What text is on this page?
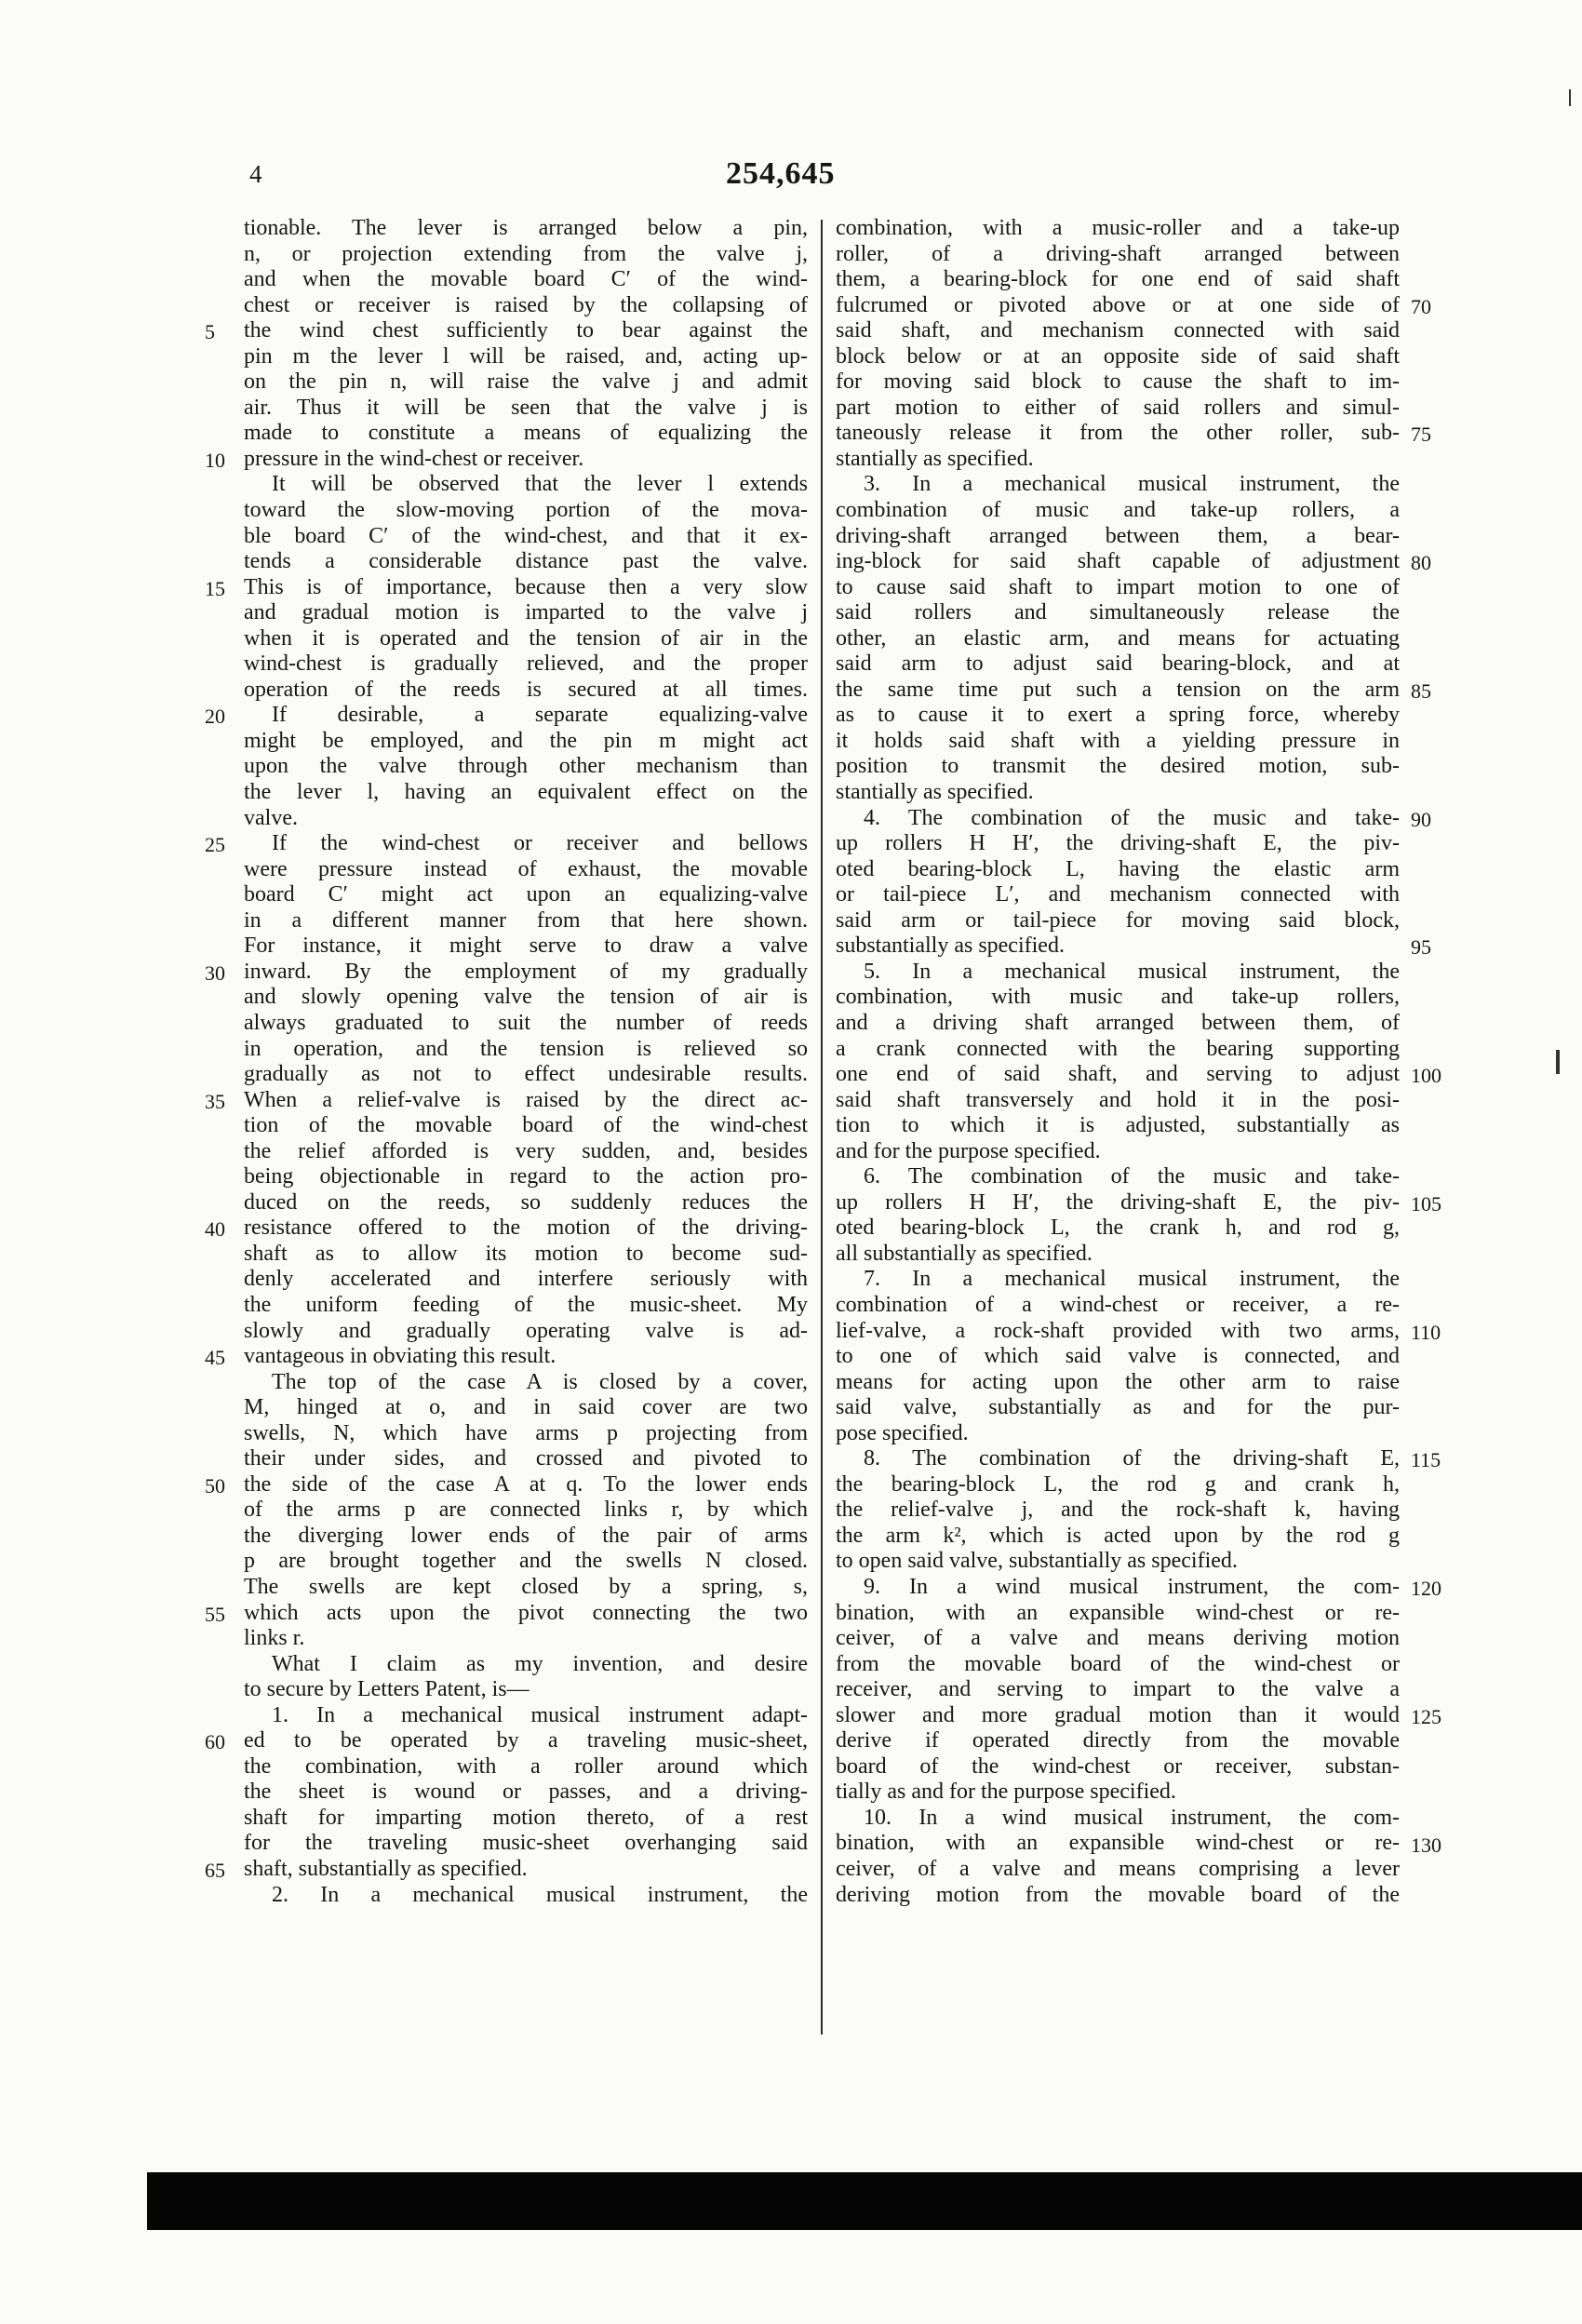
4	254,645
tionable. The lever is arranged below a pin,
n, or projection extending from the valve j,
and when the movable board C′ of the wind-
chest or receiver is raised by the collapsing of
the wind chest sufficiently to bear against the
pin m the lever l will be raised, and, acting up-
on the pin n, will raise the valve j and admit
air. Thus it will be seen that the valve j is
made to constitute a means of equalizing the
pressure in the wind-chest or receiver.
It will be observed that the lever l extends
toward the slow-moving portion of the mova-
ble board C′ of the wind-chest, and that it ex-
tends a considerable distance past the valve.
This is of importance, because then a very slow
and gradual motion is imparted to the valve j
when it is operated and the tension of air in the
wind-chest is gradually relieved, and the proper
operation of the reeds is secured at all times.
If desirable, a separate equalizing-valve
might be employed, and the pin m might act
upon the valve through other mechanism than
the lever l, having an equivalent effect on the
valve.
If the wind-chest or receiver and bellows
were pressure instead of exhaust, the movable
board C′ might act upon an equalizing-valve
in a different manner from that here shown.
For instance, it might serve to draw a valve
inward. By the employment of my gradually
and slowly opening valve the tension of air is
always graduated to suit the number of reeds
in operation, and the tension is relieved so
gradually as not to effect undesirable results.
When a relief-valve is raised by the direct ac-
tion of the movable board of the wind-chest
the relief afforded is very sudden, and, besides
being objectionable in regard to the action pro-
duced on the reeds, so suddenly reduces the
resistance offered to the motion of the driving-
shaft as to allow its motion to become sud-
denly accelerated and interfere seriously with
the uniform feeding of the music-sheet. My
slowly and gradually operating valve is ad-
vantageous in obviating this result.
The top of the case A is closed by a cover,
M, hinged at o, and in said cover are two
swells, N, which have arms p projecting from
their under sides, and crossed and pivoted to
the side of the case A at q. To the lower ends
of the arms p are connected links r, by which
the diverging lower ends of the pair of arms
p are brought together and the swells N closed.
The swells are kept closed by a spring, s,
which acts upon the pivot connecting the two
links r.
What I claim as my invention, and desire
to secure by Letters Patent, is—
1. In a mechanical musical instrument adapt-
ed to be operated by a traveling music-sheet,
the combination, with a roller around which
the sheet is wound or passes, and a driving-
shaft for imparting motion thereto, of a rest
for the traveling music-sheet overhanging said
shaft, substantially as specified.
2. In a mechanical musical instrument, the
combination, with a music-roller and a take-up
roller, of a driving-shaft arranged between
them, a bearing-block for one end of said shaft
fulcrumed or pivoted above or at one side of
said shaft, and mechanism connected with said
block below or at an opposite side of said shaft
for moving said block to cause the shaft to im-
part motion to either of said rollers and simul-
taneously release it from the other roller, sub-
stantially as specified.
3. In a mechanical musical instrument, the
combination of music and take-up rollers, a
driving-shaft arranged between them, a bear-
ing-block for said shaft capable of adjustment
to cause said shaft to impart motion to one of
said rollers and simultaneously release the
other, an elastic arm, and means for actuating
said arm to adjust said bearing-block, and at
the same time put such a tension on the arm
as to cause it to exert a spring force, whereby
it holds said shaft with a yielding pressure in
position to transmit the desired motion, sub-
stantially as specified.
4. The combination of the music and take-
up rollers H H′, the driving-shaft E, the piv-
oted bearing-block L, having the elastic arm
or tail-piece L′, and mechanism connected with
said arm or tail-piece for moving said block,
substantially as specified.
5. In a mechanical musical instrument, the
combination, with music and take-up rollers,
and a driving shaft arranged between them, of
a crank connected with the bearing supporting
one end of said shaft, and serving to adjust
said shaft transversely and hold it in the posi-
tion to which it is adjusted, substantially as
and for the purpose specified.
6. The combination of the music and take-
up rollers H H′, the driving-shaft E, the piv-
oted bearing-block L, the crank h, and rod g,
all substantially as specified.
7. In a mechanical musical instrument, the
combination of a wind-chest or receiver, a re-
lief-valve, a rock-shaft provided with two arms,
to one of which said valve is connected, and
means for acting upon the other arm to raise
said valve, substantially as and for the pur-
pose specified.
8. The combination of the driving-shaft E,
the bearing-block L, the rod g and crank h,
the relief-valve j, and the rock-shaft k, having
the arm k², which is acted upon by the rod g
to open said valve, substantially as specified.
9. In a wind musical instrument, the com-
bination, with an expansible wind-chest or re-
ceiver, of a valve and means deriving motion
from the movable board of the wind-chest or
receiver, and serving to impart to the valve a
slower and more gradual motion than it would
derive if operated directly from the movable
board of the wind-chest or receiver, substan-
tially as and for the purpose specified.
10. In a wind musical instrument, the com-
bination, with an expansible wind-chest or re-
ceiver, of a valve and means comprising a lever
deriving motion from the movable board of the
5
10
15
20
25
30
35
40
45
50
55
60
65
70
75
80
85
90
95
100
105
110
115
120
125
130
